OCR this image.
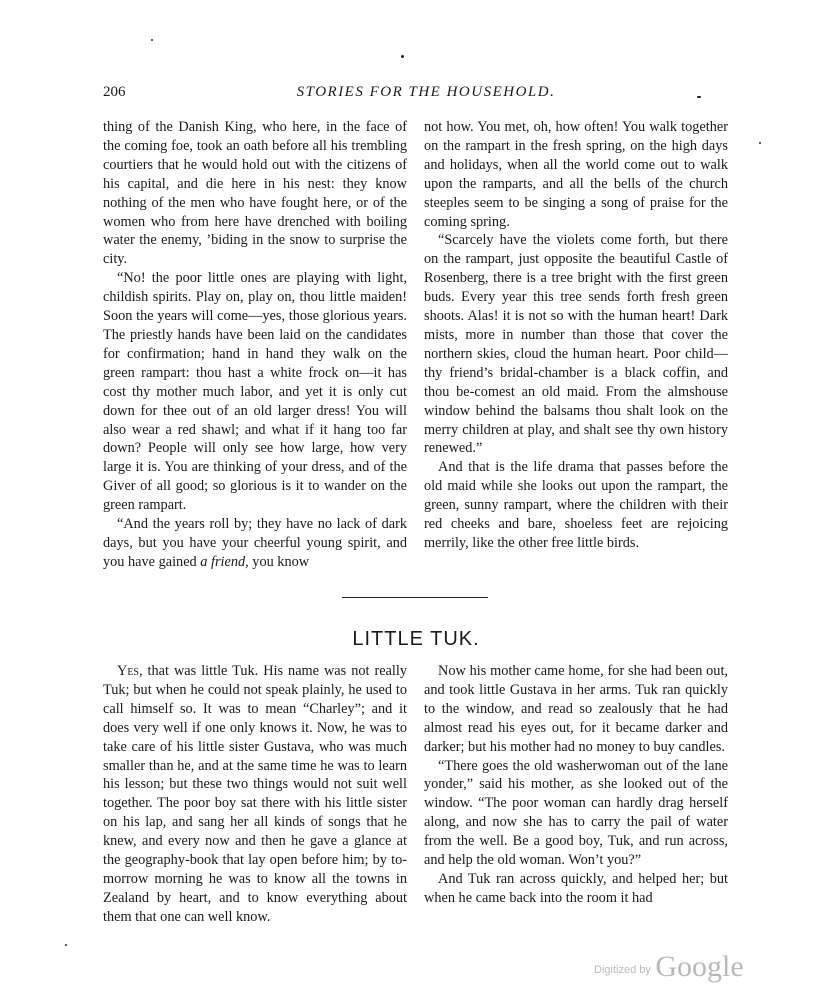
206	STORIES FOR THE HOUSEHOLD.

thing of the Danish King, who here, in the face of the coming foe, took an oath before all his trembling courtiers that he would hold out with the citizens of his capital, and die here in his nest: they know nothing of the men who have fought here, or of the women who from here have drenched with boiling water the enemy, ’biding in the snow to surprise the city.

“No! the poor little ones are playing with light, childish spirits. Play on, play on, thou little maiden! Soon the years will come—yes, those glorious years. The priestly hands have been laid on the candidates for confirmation; hand in hand they walk on the green rampart: thou hast a white frock on—it has cost thy mother much labor, and yet it is only cut down for thee out of an old larger dress! You will also wear a red shawl; and what if it hang too far down? People will only see how large, how very large it is. You are thinking of your dress, and of the Giver of all good; so glorious is it to wander on the green rampart.

“And the years roll by; they have no lack of dark days, but you have your cheerful young spirit, and you have gained a friend, you know

not how. You met, oh, how often! You walk together on the rampart in the fresh spring, on the high days and holidays, when all the world come out to walk upon the ramparts, and all the bells of the church steeples seem to be singing a song of praise for the coming spring.

“Scarcely have the violets come forth, but there on the rampart, just opposite the beautiful Castle of Rosenberg, there is a tree bright with the first green buds. Every year this tree sends forth fresh green shoots. Alas! it is not so with the human heart! Dark mists, more in number than those that cover the northern skies, cloud the human heart. Poor child—thy friend’s bridal-chamber is a black coffin, and thou be-comest an old maid. From the almshouse window behind the balsams thou shalt look on the merry children at play, and shalt see thy own history renewed.”

And that is the life drama that passes before the old maid while she looks out upon the rampart, the green, sunny rampart, where the children with their red cheeks and bare, shoeless feet are rejoicing merrily, like the other free little birds.

LITTLE TUK.

Yes, that was little Tuk. His name was not really Tuk; but when he could not speak plainly, he used to call himself so. It was to mean “Charley”; and it does very well if one only knows it. Now, he was to take care of his little sister Gustava, who was much smaller than he, and at the same time he was to learn his lesson; but these two things would not suit well together. The poor boy sat there with his little sister on his lap, and sang her all kinds of songs that he knew, and every now and then he gave a glance at the geography-book that lay open before him; by to-morrow morning he was to know all the towns in Zealand by heart, and to know everything about them that one can well know.

Now his mother came home, for she had been out, and took little Gustava in her arms. Tuk ran quickly to the window, and read so zealously that he had almost read his eyes out, for it became darker and darker; but his mother had no money to buy candles.

“There goes the old washerwoman out of the lane yonder,” said his mother, as she looked out of the window. “The poor woman can hardly drag herself along, and now she has to carry the pail of water from the well. Be a good boy, Tuk, and run across, and help the old woman. Won’t you?”

And Tuk ran across quickly, and helped her; but when he came back into the room it had

Digitized by Google
